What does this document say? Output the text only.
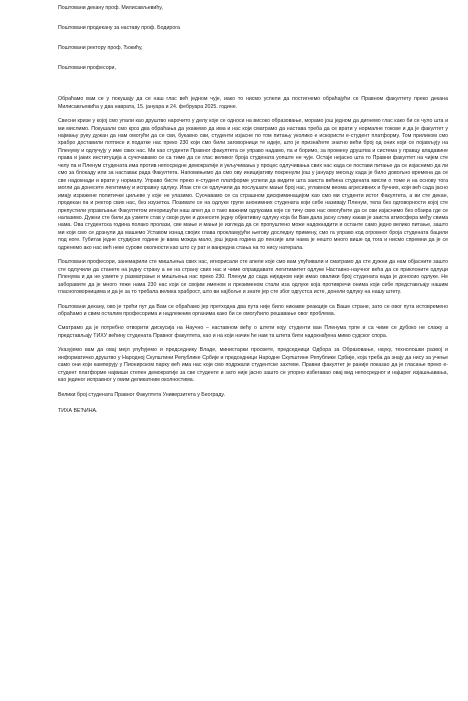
Поштовани декану проф. Милисављевићу,
Поштовани продекану за наставу проф. Бодирога
Поштовани ректору проф. Ђокићу,
Поштовани професори,

Обраћамо вам се у покушају да се наш глас већ једном чује, иако то нисмо успели да постигнемо обраћајући се Правном факултету преко декана Милисављевића у два наврата, 15. јануара и 24. фебруара 2025. године.

Свесни кризе у којој смо упали као друштво нарочито у делу које се односи на високо образовање, морамо још једном да дигнемо глас како би се чуло шта и ми мислимо. Покушали смо кроз два обраћања да укажемо да има и нас који сматрамо да настава треба да се врати у нормалне токове и да је факултет у најмању руку дужан да нам омогући да се сви, букавно сви, студенти изјасне по том питању уколико е искористи е-студент платформу. Том приликом смо храбро доставили потписе и податке нас преко 230 који смо били заговорници те идеје, што је признаћете знатно већи број од оних који се појављују на Пленуму и одлучују у име свих нас. Ми као студенти Правног факултета се управо надамо, па и боримо, за промену друштва и система у правцу владавине права и јаких институција а сучочавамо се са тиме да се глас великог броја студената уопште не чује. Остаје нејасно шта то Правни факултет на чијем сте челу па и Пленум студената има против непосредне демократије и укључивања у процес одлучивања свих нас када се постави питање да се изјаснимо да ли смо за блокаду или за наставак рада Факултета. Напомињемо да смо ову иницијативу покренули још у јануару месецу када је било довољно времена да се све надокнади и врати у нормалу. Управо бисте преко е-студент платформе успели да видите шта заиста већина студената мисли о томе и на основу тога могли да донесете легитимну и исправну одлуку. Ипак сте се одлучили да послушате мањи број нас, углавном веома агресивних и бучних, који већ сада јасно имају изражене политичке циљеве у које не улазимо. Суочавамо се са страшном дискриминацијом као смо ми студенти истог Факултета, а ви сте декан, продекан па и ректор свих нас, без изузетка. Позивате се на одлуке групе анонимних студената који себе називају Пленум, тела без одговорности којој сте препустили управљање Факултетом игноришући наш апел да о тако важним одлукама које се тичу свих нас омогућите да се сви изјаснимо без обзира где се налазимо. Дужни сте били да узмете став у своје руке и донесете једну објективну одлуку која би Вам дала јасну слику какав је заиста атмосфера међу свима нама. Ова студентска година полако пролази, све мање и мањи је изгледа да се пропуштено може надокнадити и останте само једно велико питање, зашто ми који смо се дрзнули да машемо Уставом изнад својих глава прокламујући његову доследну примену, смо га управо код огромног броја студената бацили под ноге. Губитак једне студијске године је вама можда мало, још једна година до пензије али нама је нешто много више од тога и нисмо спремни да је се одренемо ако нас већ неке сурове околности као што су рат и ванредна стања на то нису натерала.

Поштовани професори, занемарили сте мишљења свих нас, игнорисали сте апеле које смо вам упућивали и сматрамо да сте дужни да нам објасните зашто сте одлучили да станете на једну страну а не на страну свих нас и чиме оправдавате легитимитет одлуке Наставно-научног већа да се приклоните одлуци Пленума и да не узмете у разматрање и мишљења нас преко 230. Пленум до сада ниједном није имао овалики број студената када је доносио одлуке. Не заборавите да је много теже нама 230 нас који се својим именом и презименом стали иза одлуке која противречи онима који себе представљају нашим гласноговорницима и да је за то требала велика храброст, што ви најбоље и знате јер сте због одгустса исте, донели одлуку на нашу штету.

Поштовани декану, ово је трећи пут да Вам се обраћамо јер претходна два пута није било никакве реакције са Ваше стране, зато се овог пута истовремено обраћамо и свим осталим професорима и надлежним органима како би се омогућило решавање овог проблема.

Сматрамо да је потребно отворити дискусија на Научно – наставном већу о штети коју студенти ван Пленума трпе и са чиме се дубоко не слажу а представљају ТИХУ већину студената Правног факултета, као и на који начин ће нам та штета бити надокнађена мимо судског спора.

Указујемо вам да овај мејл упућујемо и председнику Владе, министарки просвете, председници Одбора за Образовање, науку, технолошки развој и информатичко друштво у Народној Скупштини Републике Србије и председници Народне Скупштине Републике Србије, која треба да знају да нису за учење само они који камперују у Пионирском парку већ има нас који смо подржали студентске захтеве. Правни факултет је раније показао да је гласање преко е-студент платформе највиши степен демократије за све студенте и зато није јасно зашто се упорно избегавао овај вид непосредног и најшрег изјашњавања, као јединог исправног у овим деликатним околностима.

Велики број студената Правног Факултета Универзитета у Београду.
ТИХА ВЕЋИНА.
